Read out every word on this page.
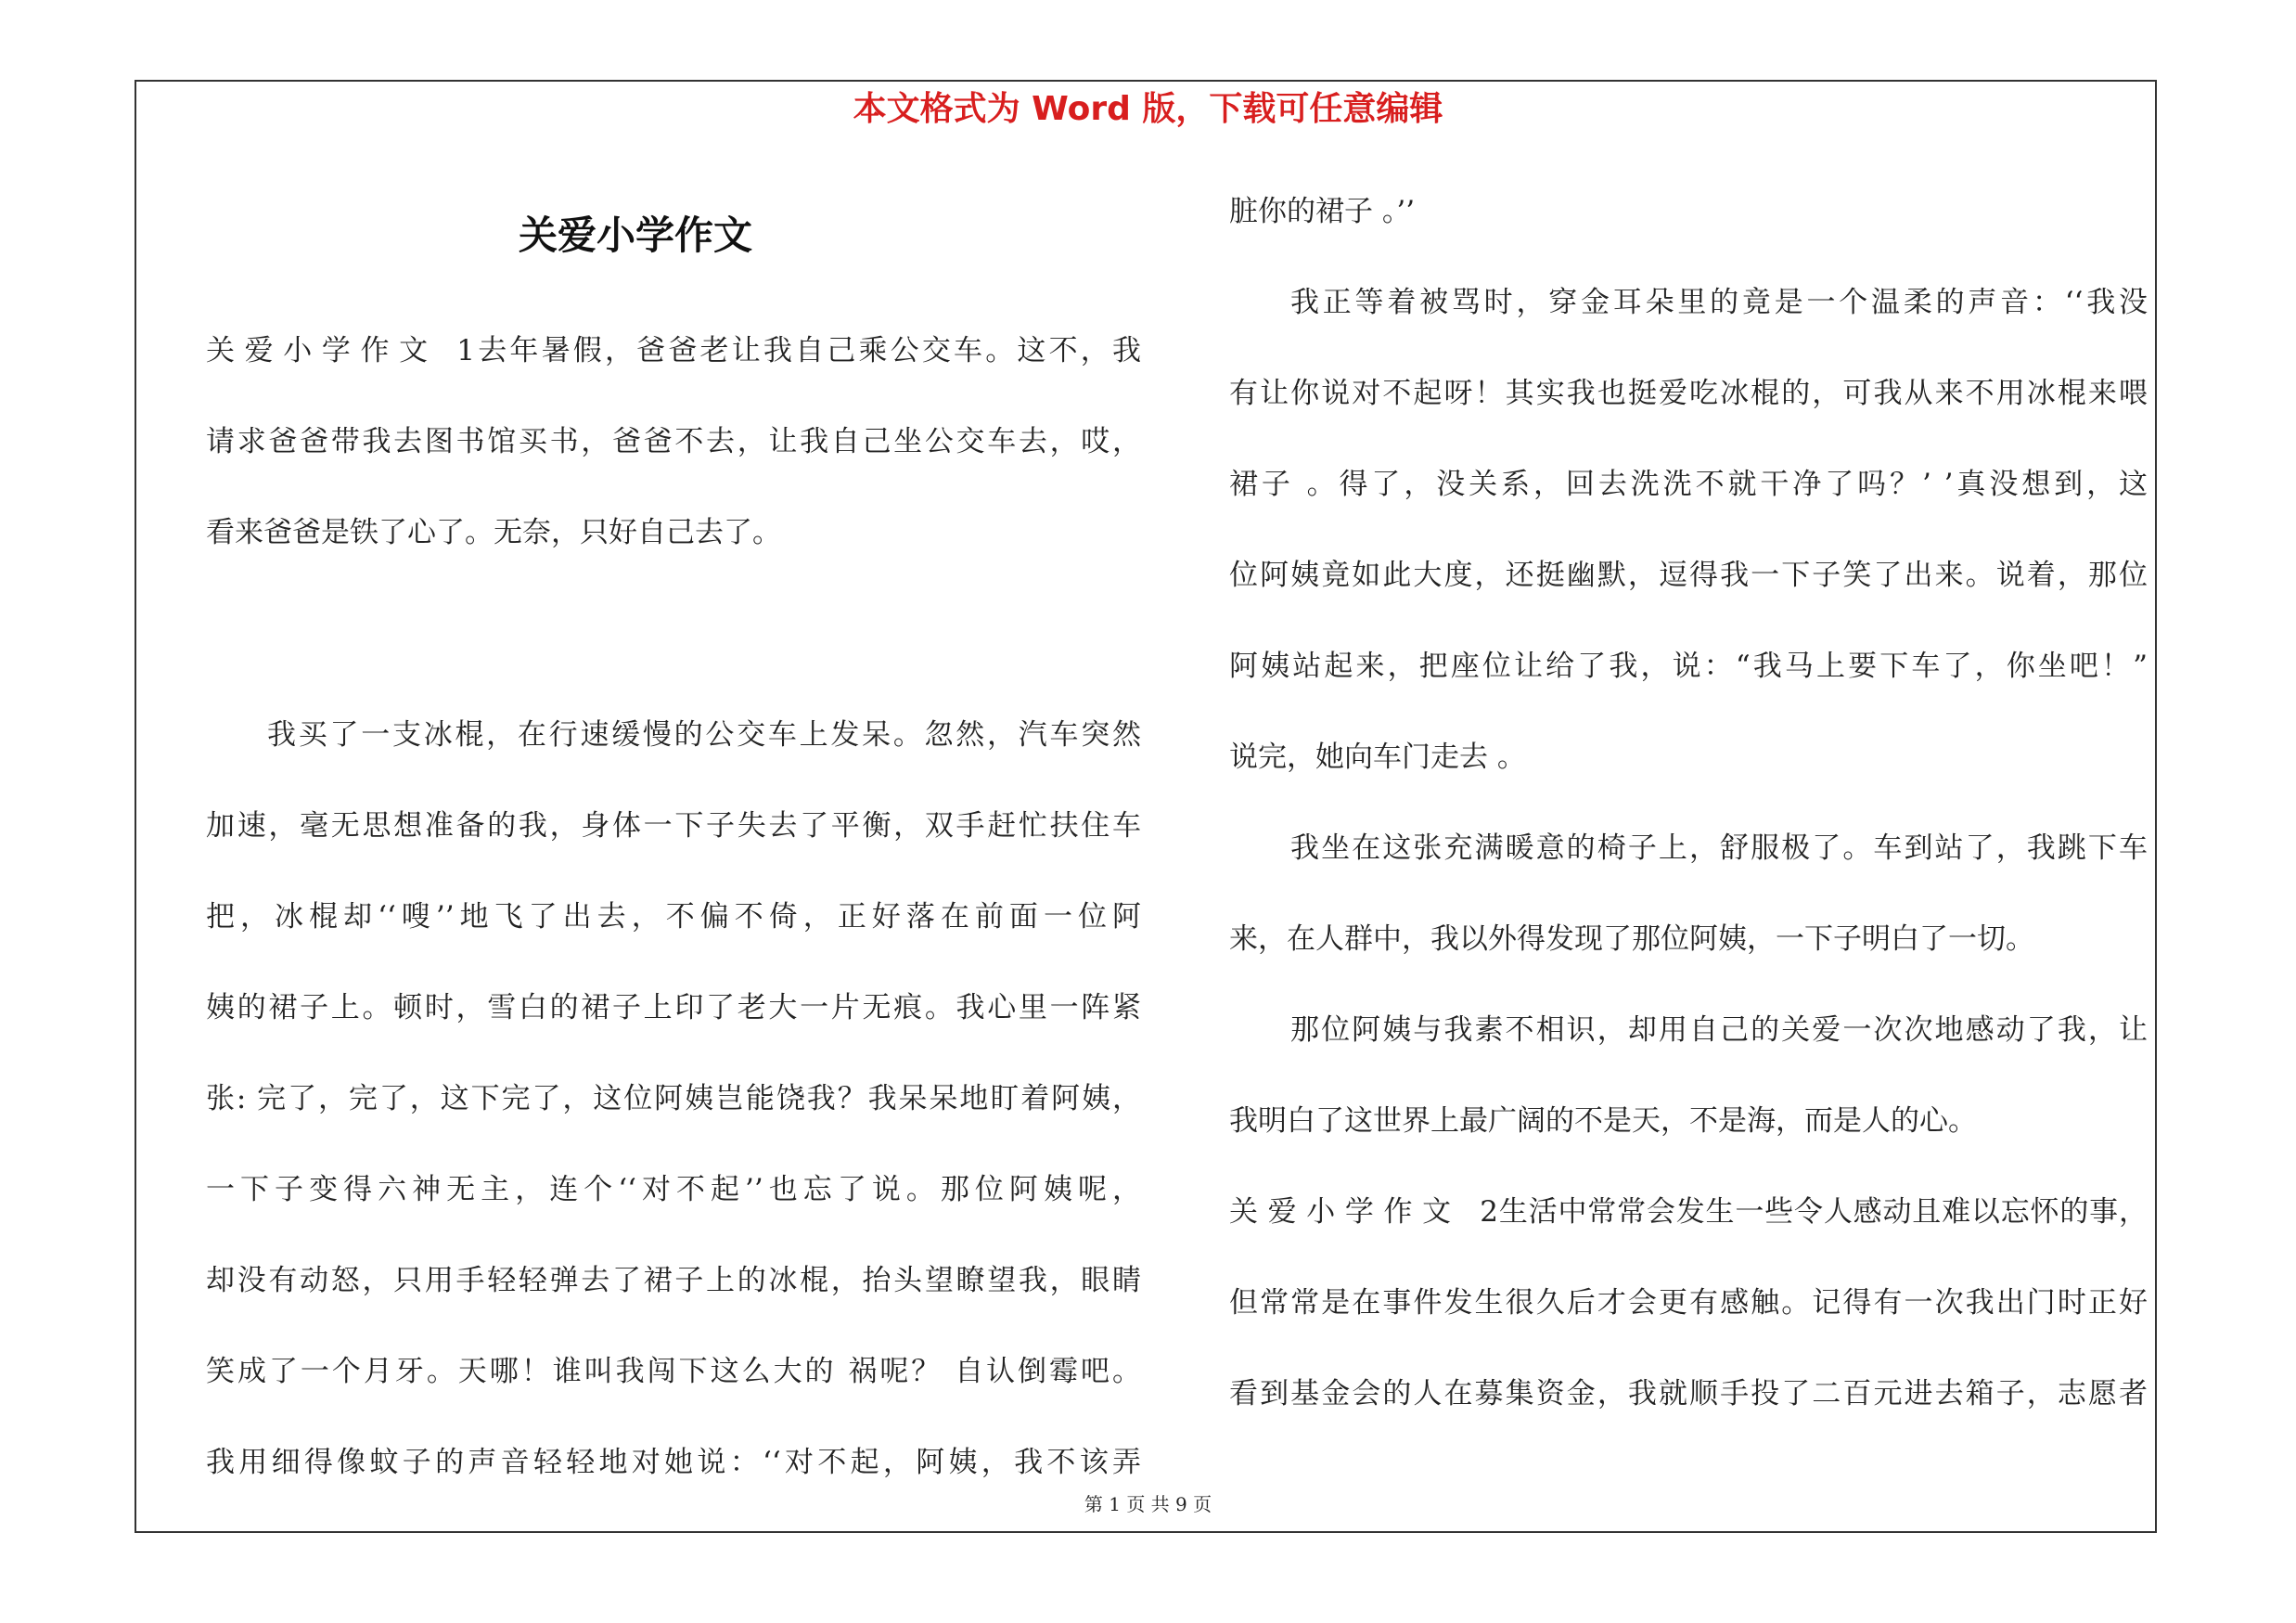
本文格式为 Word 版，下载可任意编辑
关爱小学作文
关爱小学作文 1去年暑假，爸爸老让我自己乘公交车。这不，我
请求爸爸带我去图书馆买书，爸爸不去，让我自己坐公交车去，哎，
看来爸爸是铁了心了。无奈，只好自己去了。
我买了一支冰棍，在行速缓慢的公交车上发呆。忽然，汽车突然
加速，毫无思想准备的我，身体一下子失去了平衡，双手赶忙扶住车
把，冰棍却‘‘嗖’’地飞了出去，不偏不倚，正好落在前面一位阿
姨的裙子上。顿时，雪白的裙子上印了老大一片无痕。我心里一阵紧
张: 完了，完了，这下完了，这位阿姨岂能饶我？我呆呆地盯着阿姨，
一下子变得六神无主，连个‘‘对不起’’也忘了说。那位阿姨呢，
却没有动怒，只用手轻轻弹去了裙子上的冰棍，抬头望瞭望我，眼睛
笑成了一个月牙。天哪！谁叫我闯下这么大的 祸呢？ 自认倒霉吧。
我用细得像蚊子的声音轻轻地对她说：‘‘对不起，阿姨，我不该弄
脏你的裙子 。’’
我正等着被骂时，穿金耳朵里的竟是一个温柔的声音：‘‘我没
有让你说对不起呀！其实我也挺爱吃冰棍的，可我从来不用冰棍来喂
裙子 。得了，没关系，回去洗洗不就干净了吗？’ ’真没想到，这
位阿姨竟如此大度，还挺幽默，逗得我一下子笑了出来。说着，那位
阿姨站起来，把座位让给了我，说：“我马上要下车了，你坐吧！”
说完，她向车门走去 。
我坐在这张充满暖意的椅子上，舒服极了。车到站了，我跳下车
来，在人群中，我以外得发现了那位阿姨，一下子明白了一切。
那位阿姨与我素不相识，却用自己的关爱一次次地感动了我，让
我明白了这世界上最广阔的不是天，不是海，而是人的心。
关爱小学作文 2生活中常常会发生一些令人感动且难以忘怀的事，
但常常是在事件发生很久后才会更有感触。记得有一次我出门时正好
看到基金会的人在募集资金，我就顺手投了二百元进去箱子，志愿者
第 1 页 共 9 页
